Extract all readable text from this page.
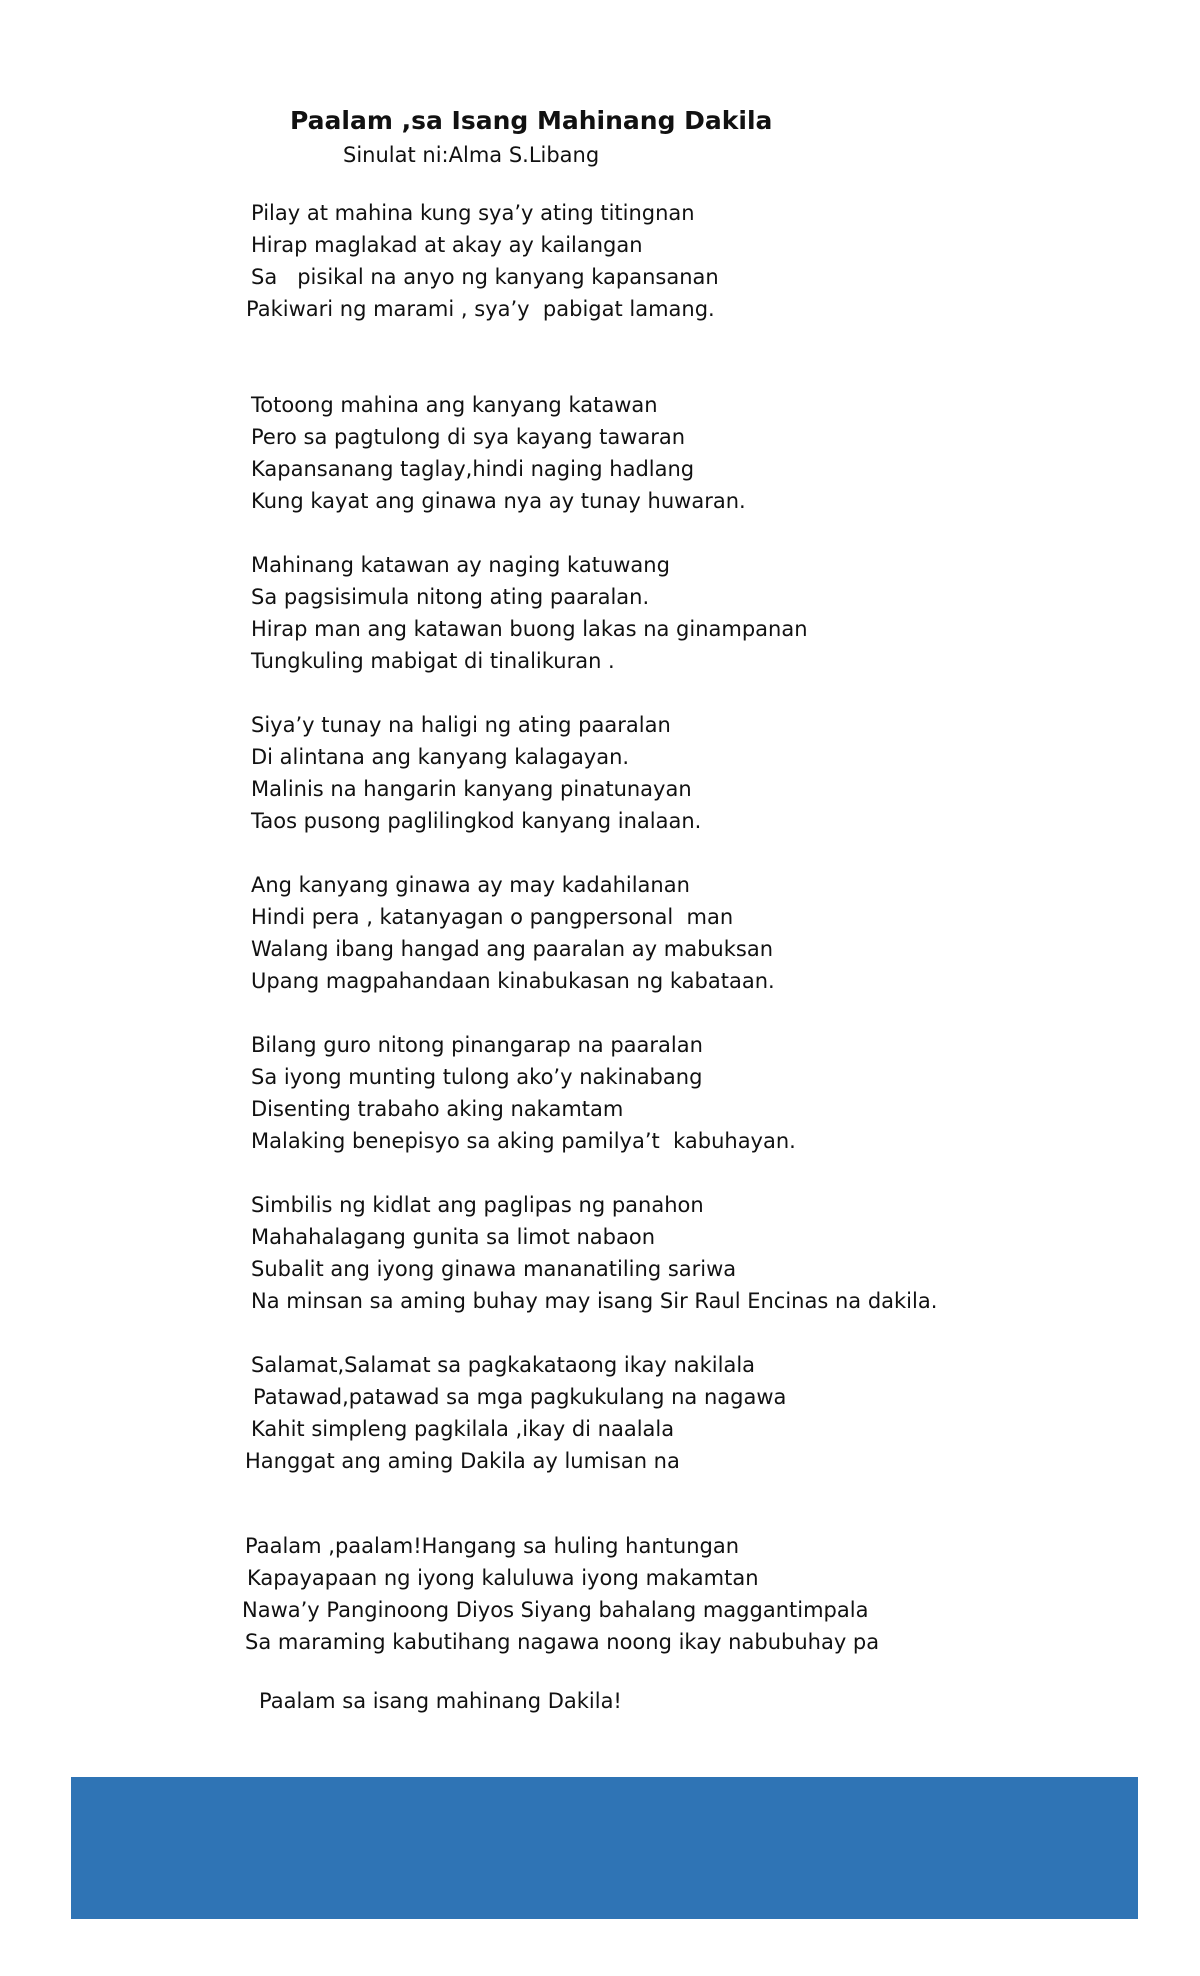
Paalam ,sa Isang Mahinang Dakila
Sinulat ni:Alma S.Libang
Pilay at mahina kung sya’y ating titingnan
Hirap maglakad at akay ay kailangan
Sa   pisikal na anyo ng kanyang kapansanan
Pakiwari ng marami , sya’y  pabigat lamang.
Totoong mahina ang kanyang katawan
Pero sa pagtulong di sya kayang tawaran
Kapansanang taglay,hindi naging hadlang
Kung kayat ang ginawa nya ay tunay huwaran.
Mahinang katawan ay naging katuwang
Sa pagsisimula nitong ating paaralan.
Hirap man ang katawan buong lakas na ginampanan
Tungkuling mabigat di tinalikuran .
Siya’y tunay na haligi ng ating paaralan
Di alintana ang kanyang kalagayan.
Malinis na hangarin kanyang pinatunayan
Taos pusong paglilingkod kanyang inalaan.
Ang kanyang ginawa ay may kadahilanan
Hindi pera , katanyagan o pangpersonal  man
Walang ibang hangad ang paaralan ay mabuksan
Upang magpahandaan kinabukasan ng kabataan.
Bilang guro nitong pinangarap na paaralan
Sa iyong munting tulong ako’y nakinabang
Disenting trabaho aking nakamtam
Malaking benepisyo sa aking pamilya’t  kabuhayan.
Simbilis ng kidlat ang paglipas ng panahon
Mahahalagang gunita sa limot nabaon
Subalit ang iyong ginawa mananatiling sariwa
Na minsan sa aming buhay may isang Sir Raul Encinas na dakila.
Salamat,Salamat sa pagkakataong ikay nakilala
Patawad,patawad sa mga pagkukulang na nagawa
Kahit simpleng pagkilala ,ikay di naalala
Hanggat ang aming Dakila ay lumisan na
Paalam ,paalam!Hangang sa huling hantungan
Kapayapaan ng iyong kaluluwa iyong makamtan
Nawa’y Panginoong Diyos Siyang bahalang maggantimpala
Sa maraming kabutihang nagawa noong ikay nabubuhay pa
Paalam sa isang mahinang Dakila!
